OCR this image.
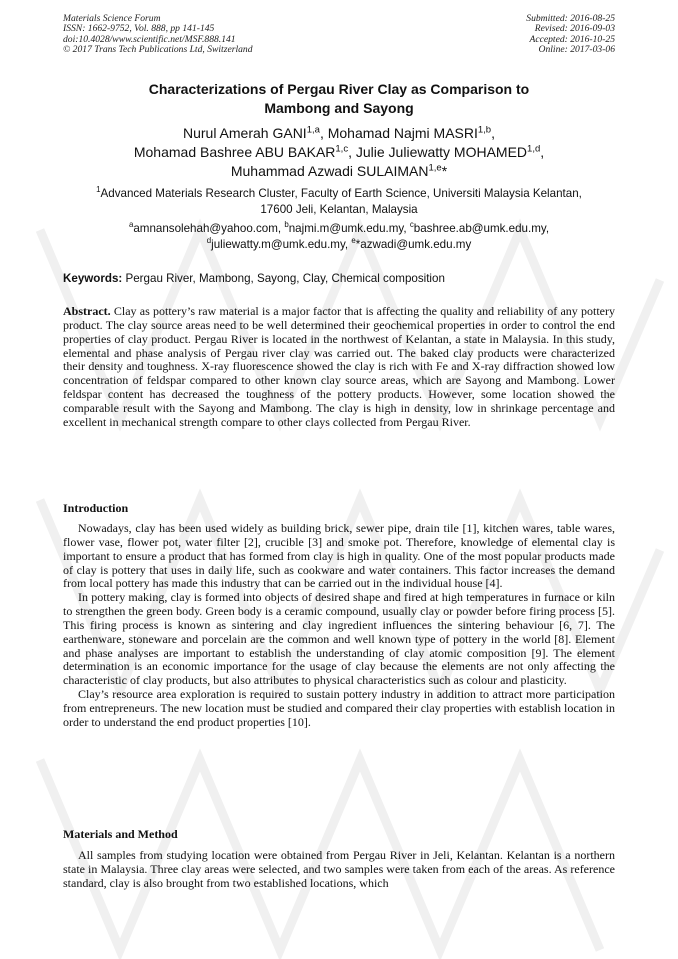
Materials Science Forum
ISSN: 1662-9752, Vol. 888, pp 141-145
doi:10.4028/www.scientific.net/MSF.888.141
© 2017 Trans Tech Publications Ltd, Switzerland
Submitted: 2016-08-25
Revised: 2016-09-03
Accepted: 2016-10-25
Online: 2017-03-06
Characterizations of Pergau River Clay as Comparison to
Mambong and Sayong
Nurul Amerah GANI$^{1,a}$, Mohamad Najmi MASRI$^{1,b}$,
Mohamad Bashree ABU BAKAR$^{1,c}$, Julie Juliewatty MOHAMED$^{1,d}$,
Muhammad Azwadi SULAIMAN$^{1,e}$*
$^1$Advanced Materials Research Cluster, Faculty of Earth Science, Universiti Malaysia Kelantan,
17600 Jeli, Kelantan, Malaysia
$^a$amnansolehah@yahoo.com, $^b$najmi.m@umk.edu.my, $^c$bashree.ab@umk.edu.my,
$^d$juliewatty.m@umk.edu.my, $^e$*azwadi@umk.edu.my
Keywords: Pergau River, Mambong, Sayong, Clay, Chemical composition
Abstract. Clay as pottery’s raw material is a major factor that is affecting the quality and reliability of any pottery product. The clay source areas need to be well determined their geochemical properties in order to control the end properties of clay product. Pergau River is located in the northwest of Kelantan, a state in Malaysia. In this study, elemental and phase analysis of Pergau river clay was carried out. The baked clay products were characterized their density and toughness. X-ray fluorescence showed the clay is rich with Fe and X-ray diffraction showed low concentration of feldspar compared to other known clay source areas, which are Sayong and Mambong. Lower feldspar content has decreased the toughness of the pottery products. However, some location showed the comparable result with the Sayong and Mambong. The clay is high in density, low in shrinkage percentage and excellent in mechanical strength compare to other clays collected from Pergau River.
Introduction

Nowadays, clay has been used widely as building brick, sewer pipe, drain tile [1], kitchen wares, table wares, flower vase, flower pot, water filter [2], crucible [3] and smoke pot. Therefore, knowledge of elemental clay is important to ensure a product that has formed from clay is high in quality. One of the most popular products made of clay is pottery that uses in daily life, such as cookware and water containers. This factor increases the demand from local pottery has made this industry that can be carried out in the individual house [4].

In pottery making, clay is formed into objects of desired shape and fired at high temperatures in furnace or kiln to strengthen the green body. Green body is a ceramic compound, usually clay or powder before firing process [5]. This firing process is known as sintering and clay ingredient influences the sintering behaviour [6, 7]. The earthenware, stoneware and porcelain are the common and well known type of pottery in the world [8]. Element and phase analyses are important to establish the understanding of clay atomic composition [9]. The element determination is an economic importance for the usage of clay because the elements are not only affecting the characteristic of clay products, but also attributes to physical characteristics such as colour and plasticity.

Clay’s resource area exploration is required to sustain pottery industry in addition to attract more participation from entrepreneurs. The new location must be studied and compared their clay properties with establish location in order to understand the end product properties [10].

Materials and Method

All samples from studying location were obtained from Pergau River in Jeli, Kelantan. Kelantan is a northern state in Malaysia. Three clay areas were selected, and two samples were taken from each of the areas. As reference standard, clay is also brought from two established locations, which
